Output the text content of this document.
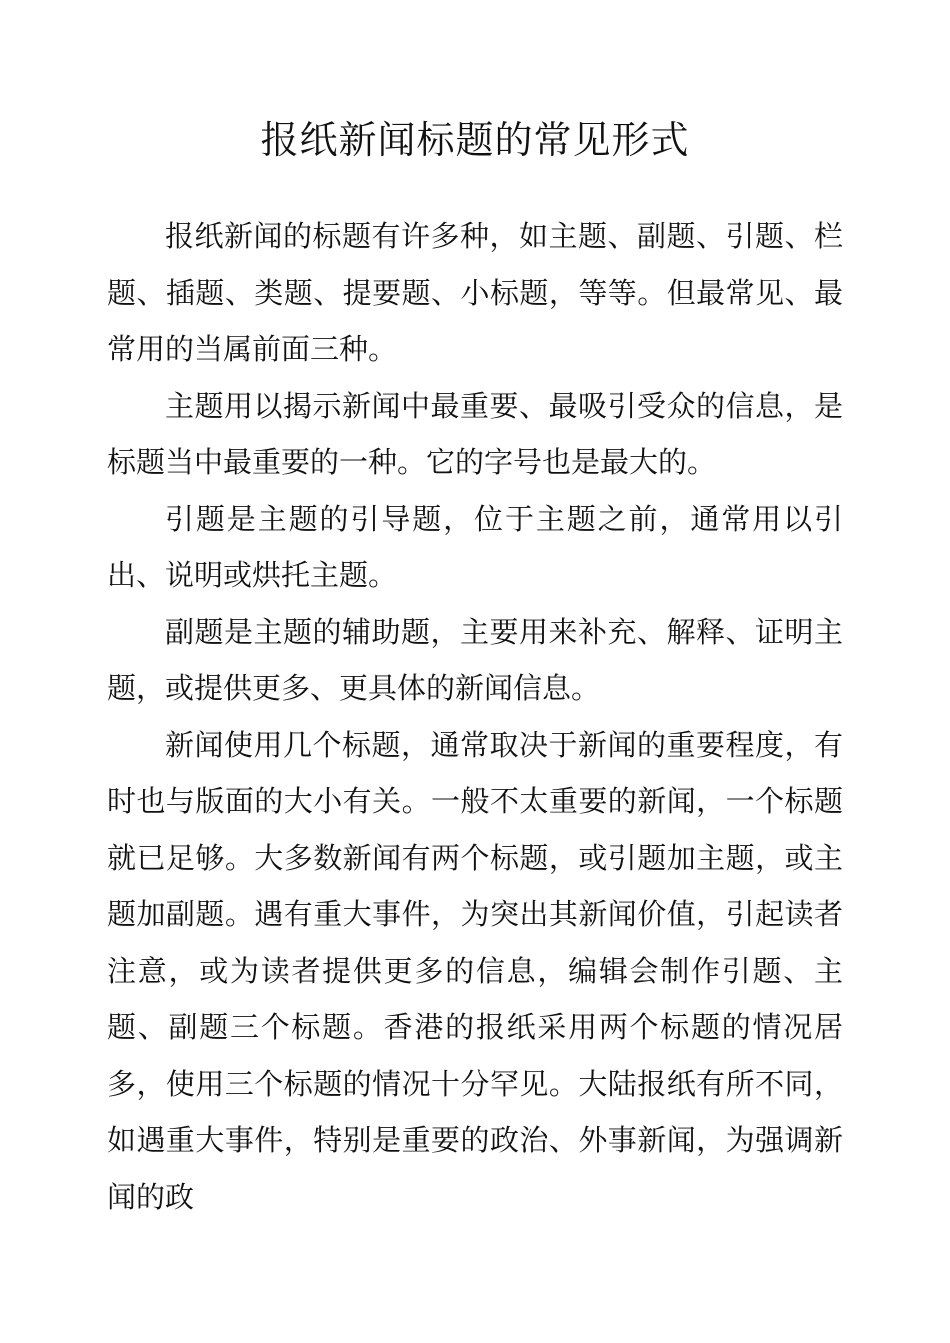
报纸新闻标题的常见形式

报纸新闻的标题有许多种，如主题、副题、引题、栏题、插题、类题、提要题、小标题，等等。但最常见、最常用的当属前面三种。

主题用以揭示新闻中最重要、最吸引受众的信息，是标题当中最重要的一种。它的字号也是最大的。

引题是主题的引导题，位于主题之前，通常用以引出、说明或烘托主题。

副题是主题的辅助题，主要用来补充、解释、证明主题，或提供更多、更具体的新闻信息。

新闻使用几个标题，通常取决于新闻的重要程度，有时也与版面的大小有关。一般不太重要的新闻，一个标题就已足够。大多数新闻有两个标题，或引题加主题，或主题加副题。遇有重大事件，为突出其新闻价值，引起读者注意，或为读者提供更多的信息，编辑会制作引题、主题、副题三个标题。香港的报纸采用两个标题的情况居多，使用三个标题的情况十分罕见。大陆报纸有所不同，如遇重大事件，特别是重要的政治、外事新闻，为强调新闻的政
